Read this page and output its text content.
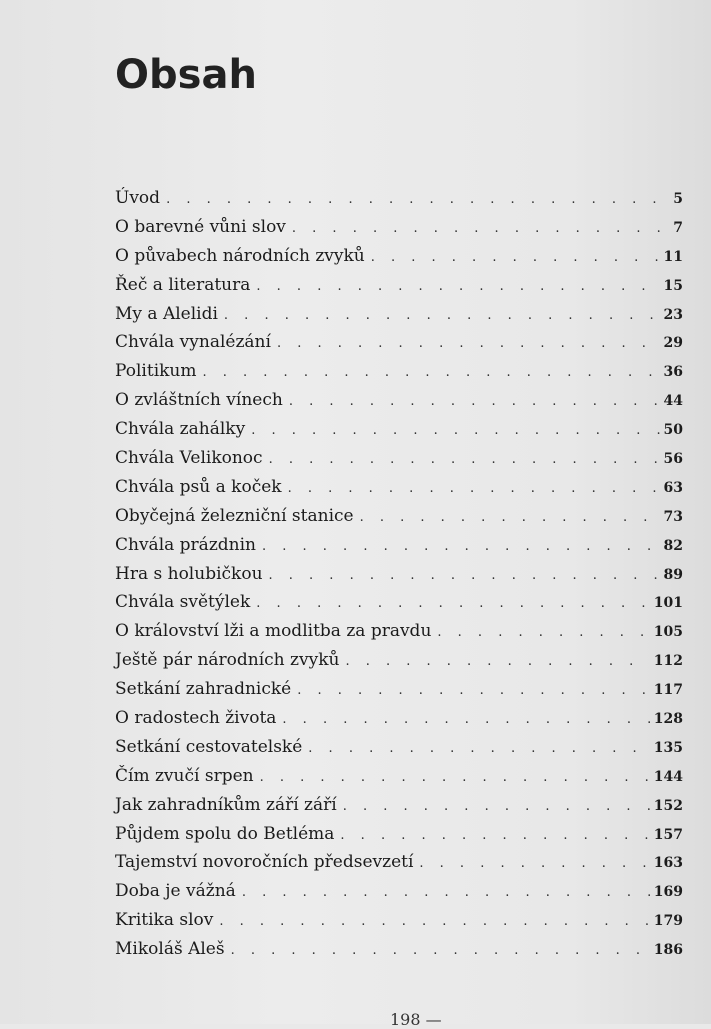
Obsah
Úvod . . .	5
O barevné vůni slov . . .	7
O půvabech národních zvyků . . .	11
Řeč a literatura . . .	15
My a Alelidi . . .	23
Chvála vynalézání . . .	29
Politikum . . .	36
O zvláštních vínech . . .	44
Chvála zahálky . . .	50
Chvála Velikonoc . . .	56
Chvála psů a koček . . .	63
Obyčejná železniční stanice . . .	73
Chvála prázdnin . . .	82
Hra s holubičkou . . .	89
Chvála světýlek . . .	101
O království lži a modlitba za pravdu . . .	105
Ještě pár národních zvyků . . .	112
Setkání zahradnické . . .	117
O radostech života . . .	128
Setkání cestovatelské . . .	135
Čím zvučí srpen . . .	144
Jak zahradníkům září září . . .	152
Půjdem spolu do Betléma . . .	157
Tajemství novoročních předsevzetí . . .	163
Doba je vážná . . .	169
Kritika slov . . .	179
Mikoláš Aleš . . .	186
198 —
